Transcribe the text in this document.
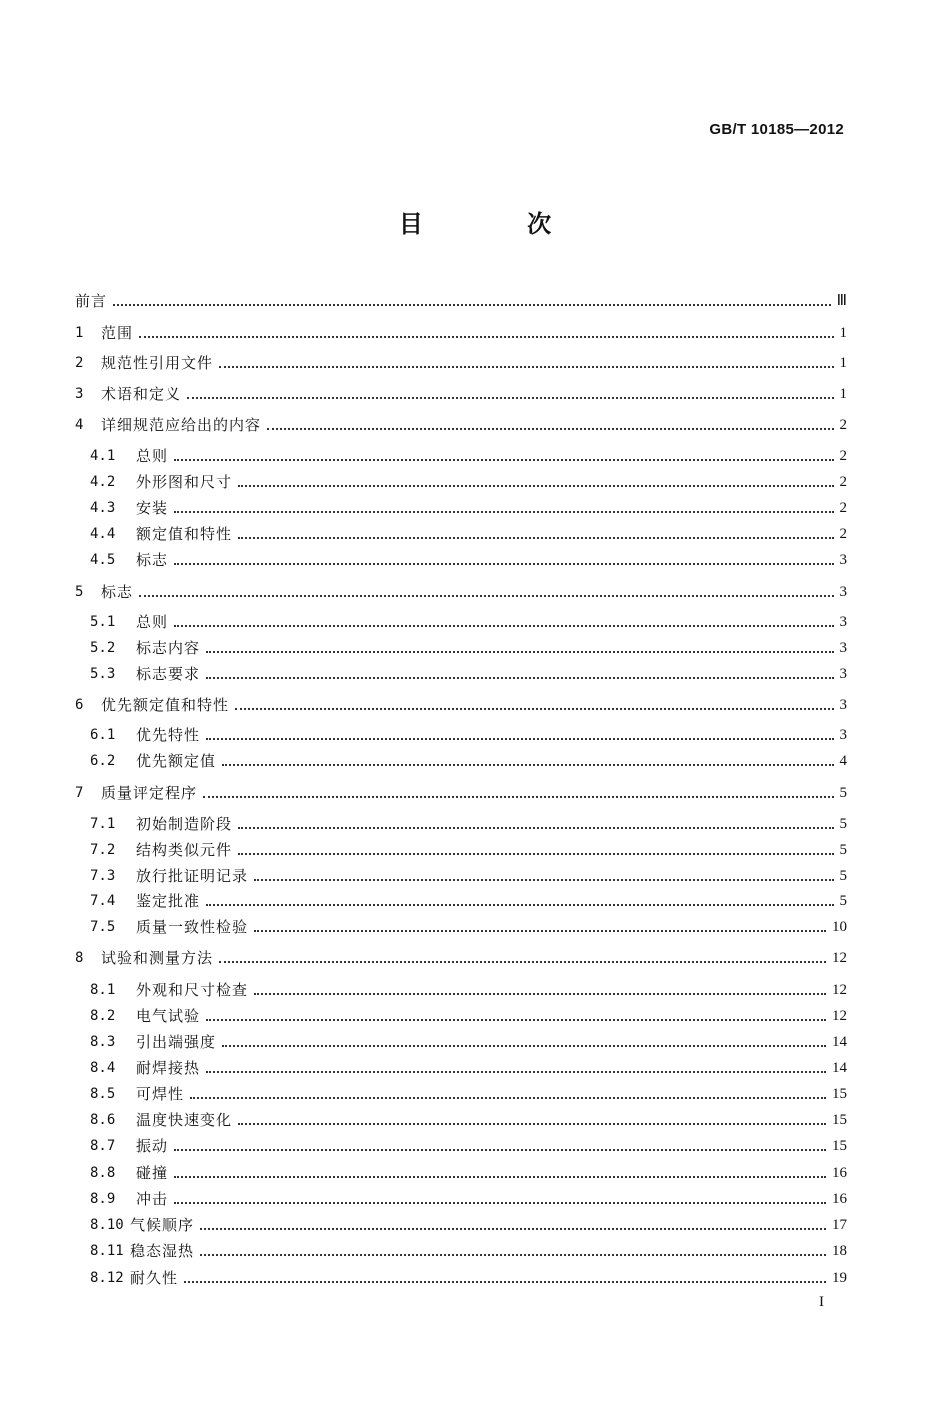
GB/T 10185—2012
目 次
前言	Ⅲ
1	范围	1
2	规范性引用文件	1
3	术语和定义	1
4	详细规范应给出的内容	2
4.1	总则	2
4.2	外形图和尺寸	2
4.3	安装	2
4.4	额定值和特性	2
4.5	标志	3
5	标志	3
5.1	总则	3
5.2	标志内容	3
5.3	标志要求	3
6	优先额定值和特性	3
6.1	优先特性	3
6.2	优先额定值	4
7	质量评定程序	5
7.1	初始制造阶段	5
7.2	结构类似元件	5
7.3	放行批证明记录	5
7.4	鉴定批准	5
7.5	质量一致性检验	10
8	试验和测量方法	12
8.1	外观和尺寸检查	12
8.2	电气试验	12
8.3	引出端强度	14
8.4	耐焊接热	14
8.5	可焊性	15
8.6	温度快速变化	15
8.7	振动	15
8.8	碰撞	16
8.9	冲击	16
8.10 气候顺序	17
8.11 稳态湿热	18
8.12 耐久性	19
I
